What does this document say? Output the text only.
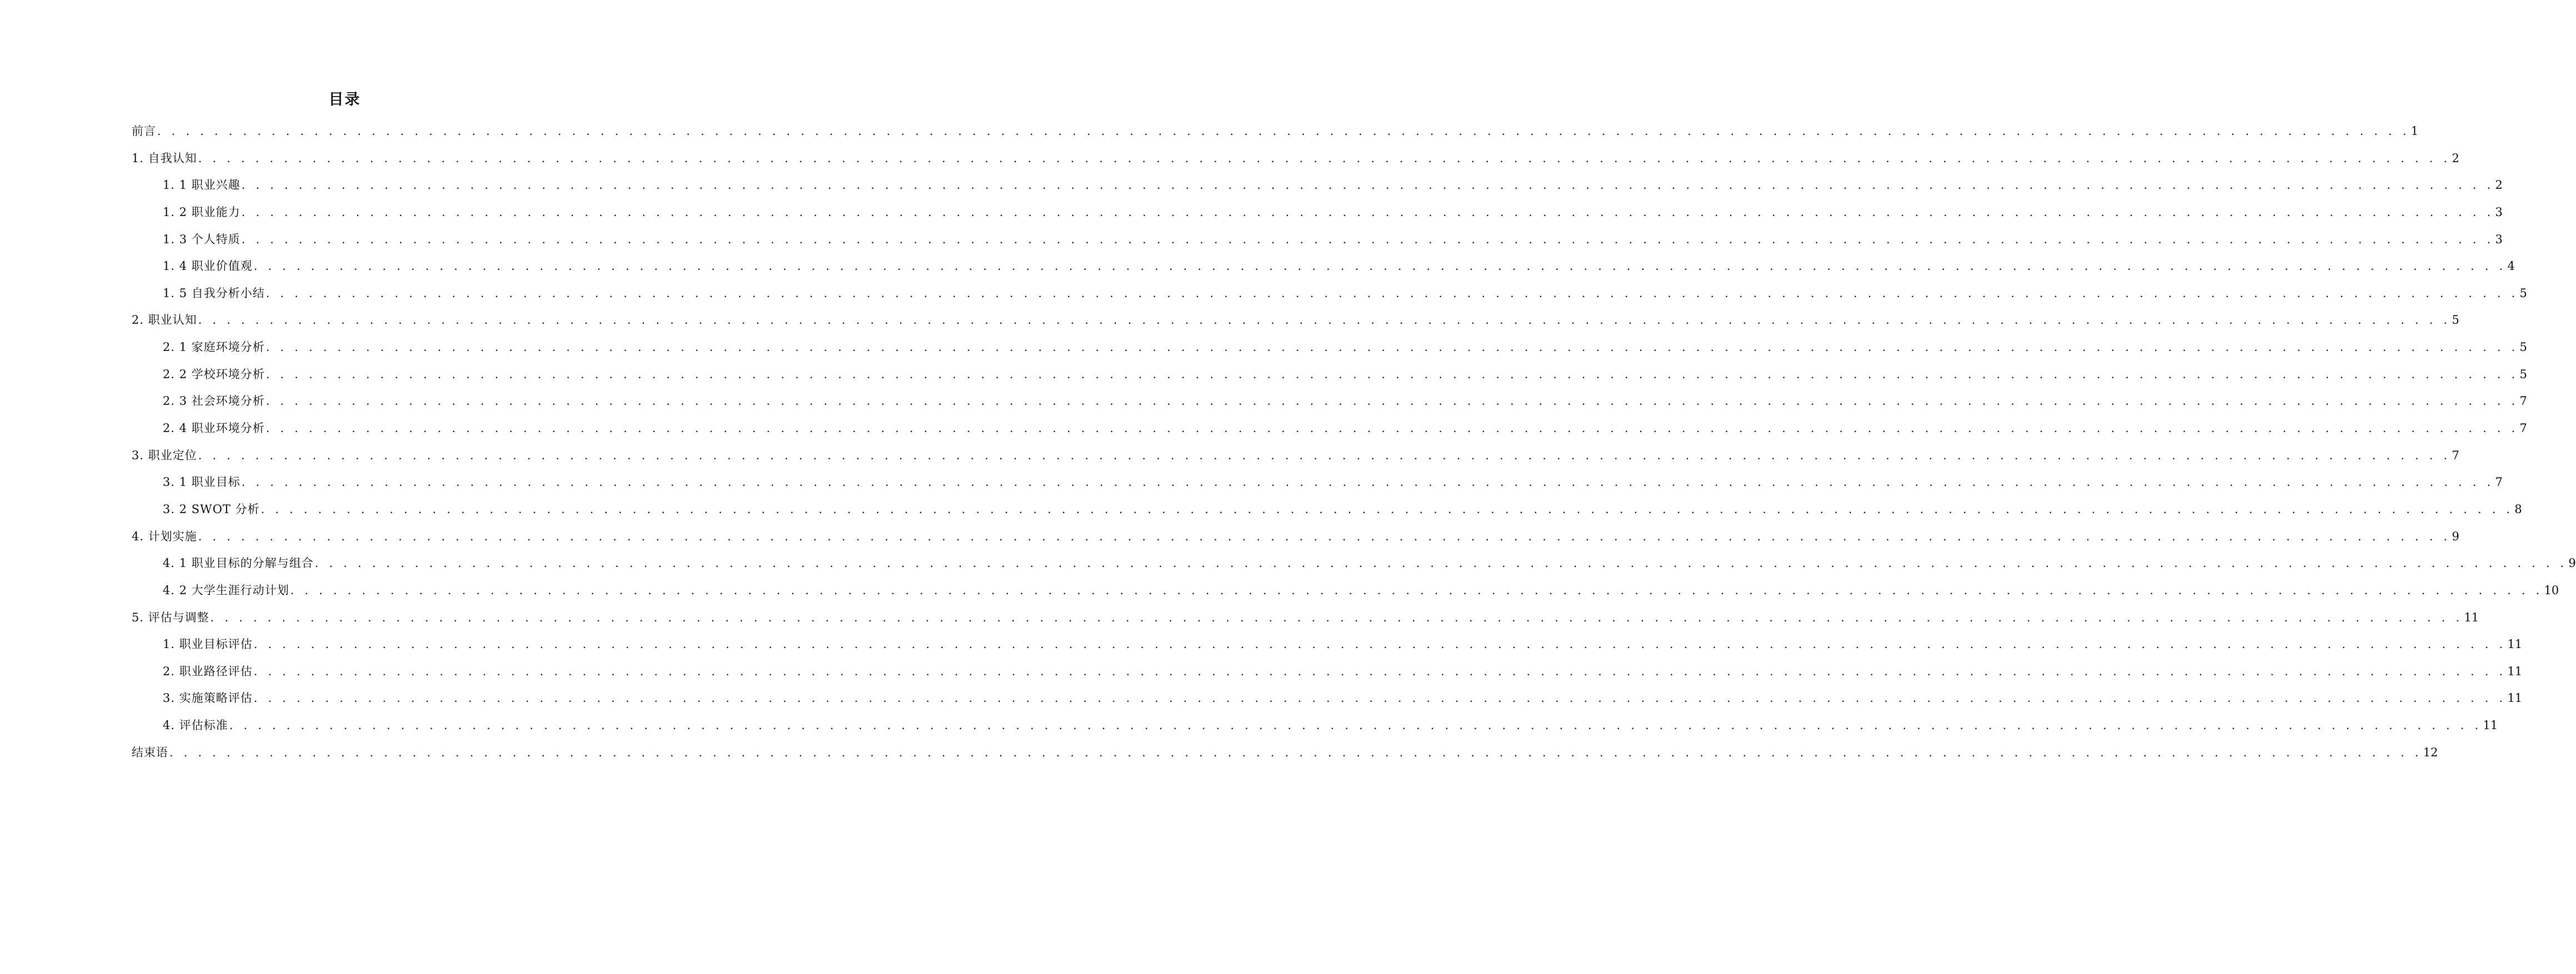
目录
前言 . . . . . . . . . . . . . . . . . . . . . . . . . . . . . . . . . . . . . . . . . . . . . . . . . . . . . . . . . . . . . . . . . . . . . . . . . . . . . . . . . . . . . . . . . . . . . . . . . . . . . . . . . . . . . . . . . . . . . . . . . . . . . . . . . . . . . . . . . . . . . . . . . . . . . . . . . . . . . . 1
1. 自我认知 . . . . . . . . . . . . . . . . . . . . . . . . . . . . . . . . . . . . . . . . . . . . . . . . . . . . . . . . . . . . . . . . . . . . . . . . . . . . . . . . . . . . . . . . . . . . . . . . . . . . . . . . . . . . . . . . . . . . . . . . . . . . . . . . . . . . . . . . . . . . . . . . . . . . . . . . . . . . . . 2
1. 1 职业兴趣 . . . . . . . . . . . . . . . . . . . . . . . . . . . . . . . . . . . . . . . . . . . . . . . . . . . . . . . . . . . . . . . . . . . . . . . . . . . . . . . . . . . . . . . . . . . . . . . . . . . . . . . . . . . . . . . . . . . . . . . . . . . . . . . . . . . . . . . . . . . . . . . . . . . . . . . . . . . . . . 2
1. 2 职业能力 . . . . . . . . . . . . . . . . . . . . . . . . . . . . . . . . . . . . . . . . . . . . . . . . . . . . . . . . . . . . . . . . . . . . . . . . . . . . . . . . . . . . . . . . . . . . . . . . . . . . . . . . . . . . . . . . . . . . . . . . . . . . . . . . . . . . . . . . . . . . . . . . . . . . . . . . . . . . . . 3
1. 3 个人特质 . . . . . . . . . . . . . . . . . . . . . . . . . . . . . . . . . . . . . . . . . . . . . . . . . . . . . . . . . . . . . . . . . . . . . . . . . . . . . . . . . . . . . . . . . . . . . . . . . . . . . . . . . . . . . . . . . . . . . . . . . . . . . . . . . . . . . . . . . . . . . . . . . . . . . . . . . . . . . . 3
1. 4 职业价值观 . . . . . . . . . . . . . . . . . . . . . . . . . . . . . . . . . . . . . . . . . . . . . . . . . . . . . . . . . . . . . . . . . . . . . . . . . . . . . . . . . . . . . . . . . . . . . . . . . . . . . . . . . . . . . . . . . . . . . . . . . . . . . . . . . . . . . . . . . . . . . . . . . . . . . . . . . . . . . . 4
1. 5 自我分析小结 . . . . . . . . . . . . . . . . . . . . . . . . . . . . . . . . . . . . . . . . . . . . . . . . . . . . . . . . . . . . . . . . . . . . . . . . . . . . . . . . . . . . . . . . . . . . . . . . . . . . . . . . . . . . . . . . . . . . . . . . . . . . . . . . . . . . . . . . . . . . . . . . . . . . . . . . . . . . . . 5
2. 职业认知 . . . . . . . . . . . . . . . . . . . . . . . . . . . . . . . . . . . . . . . . . . . . . . . . . . . . . . . . . . . . . . . . . . . . . . . . . . . . . . . . . . . . . . . . . . . . . . . . . . . . . . . . . . . . . . . . . . . . . . . . . . . . . . . . . . . . . . . . . . . . . . . . . . . . . . . . . . . . . . 5
2. 1 家庭环境分析 . . . . . . . . . . . . . . . . . . . . . . . . . . . . . . . . . . . . . . . . . . . . . . . . . . . . . . . . . . . . . . . . . . . . . . . . . . . . . . . . . . . . . . . . . . . . . . . . . . . . . . . . . . . . . . . . . . . . . . . . . . . . . . . . . . . . . . . . . . . . . . . . . . . . . . . . . . . . . . 5
2. 2 学校环境分析 . . . . . . . . . . . . . . . . . . . . . . . . . . . . . . . . . . . . . . . . . . . . . . . . . . . . . . . . . . . . . . . . . . . . . . . . . . . . . . . . . . . . . . . . . . . . . . . . . . . . . . . . . . . . . . . . . . . . . . . . . . . . . . . . . . . . . . . . . . . . . . . . . . . . . . . . . . . . . . 5
2. 3 社会环境分析 . . . . . . . . . . . . . . . . . . . . . . . . . . . . . . . . . . . . . . . . . . . . . . . . . . . . . . . . . . . . . . . . . . . . . . . . . . . . . . . . . . . . . . . . . . . . . . . . . . . . . . . . . . . . . . . . . . . . . . . . . . . . . . . . . . . . . . . . . . . . . . . . . . . . . . . . . . . . . . 7
2. 4 职业环境分析 . . . . . . . . . . . . . . . . . . . . . . . . . . . . . . . . . . . . . . . . . . . . . . . . . . . . . . . . . . . . . . . . . . . . . . . . . . . . . . . . . . . . . . . . . . . . . . . . . . . . . . . . . . . . . . . . . . . . . . . . . . . . . . . . . . . . . . . . . . . . . . . . . . . . . . . . . . . . . . 7
3. 职业定位 . . . . . . . . . . . . . . . . . . . . . . . . . . . . . . . . . . . . . . . . . . . . . . . . . . . . . . . . . . . . . . . . . . . . . . . . . . . . . . . . . . . . . . . . . . . . . . . . . . . . . . . . . . . . . . . . . . . . . . . . . . . . . . . . . . . . . . . . . . . . . . . . . . . . . . . . . . . . . . 7
3. 1 职业目标 . . . . . . . . . . . . . . . . . . . . . . . . . . . . . . . . . . . . . . . . . . . . . . . . . . . . . . . . . . . . . . . . . . . . . . . . . . . . . . . . . . . . . . . . . . . . . . . . . . . . . . . . . . . . . . . . . . . . . . . . . . . . . . . . . . . . . . . . . . . . . . . . . . . . . . . . . . . . . . 7
3. 2 SWOT 分析 . . . . . . . . . . . . . . . . . . . . . . . . . . . . . . . . . . . . . . . . . . . . . . . . . . . . . . . . . . . . . . . . . . . . . . . . . . . . . . . . . . . . . . . . . . . . . . . . . . . . . . . . . . . . . . . . . . . . . . . . . . . . . . . . . . . . . . . . . . . . . . . . . . . . . . . . . . . . . . 8
4. 计划实施 . . . . . . . . . . . . . . . . . . . . . . . . . . . . . . . . . . . . . . . . . . . . . . . . . . . . . . . . . . . . . . . . . . . . . . . . . . . . . . . . . . . . . . . . . . . . . . . . . . . . . . . . . . . . . . . . . . . . . . . . . . . . . . . . . . . . . . . . . . . . . . . . . . . . . . . . . . . . . . 9
4. 1 职业目标的分解与组合 . . . . . . . . . . . . . . . . . . . . . . . . . . . . . . . . . . . . . . . . . . . . . . . . . . . . . . . . . . . . . . . . . . . . . . . . . . . . . . . . . . . . . . . . . . . . . . . . . . . . . . . . . . . . . . . . . . . . . . . . . . . . . . . . . . . . . . . . . . . . . . . . . . . . . . . . . . . . . . 9
4. 2 大学生涯行动计划 . . . . . . . . . . . . . . . . . . . . . . . . . . . . . . . . . . . . . . . . . . . . . . . . . . . . . . . . . . . . . . . . . . . . . . . . . . . . . . . . . . . . . . . . . . . . . . . . . . . . . . . . . . . . . . . . . . . . . . . . . . . . . . . . . . . . . . . . . . . . . . . . . . . . . . . . . . . . . . 10
5. 评估与调整 . . . . . . . . . . . . . . . . . . . . . . . . . . . . . . . . . . . . . . . . . . . . . . . . . . . . . . . . . . . . . . . . . . . . . . . . . . . . . . . . . . . . . . . . . . . . . . . . . . . . . . . . . . . . . . . . . . . . . . . . . . . . . . . . . . . . . . . . . . . . . . . . . . . . . . . . . . . . . . 11
1. 职业目标评估 . . . . . . . . . . . . . . . . . . . . . . . . . . . . . . . . . . . . . . . . . . . . . . . . . . . . . . . . . . . . . . . . . . . . . . . . . . . . . . . . . . . . . . . . . . . . . . . . . . . . . . . . . . . . . . . . . . . . . . . . . . . . . . . . . . . . . . . . . . . . . . . . . . . . . . . . . . . . . . 11
2. 职业路径评估 . . . . . . . . . . . . . . . . . . . . . . . . . . . . . . . . . . . . . . . . . . . . . . . . . . . . . . . . . . . . . . . . . . . . . . . . . . . . . . . . . . . . . . . . . . . . . . . . . . . . . . . . . . . . . . . . . . . . . . . . . . . . . . . . . . . . . . . . . . . . . . . . . . . . . . . . . . . . . . 11
3. 实施策略评估 . . . . . . . . . . . . . . . . . . . . . . . . . . . . . . . . . . . . . . . . . . . . . . . . . . . . . . . . . . . . . . . . . . . . . . . . . . . . . . . . . . . . . . . . . . . . . . . . . . . . . . . . . . . . . . . . . . . . . . . . . . . . . . . . . . . . . . . . . . . . . . . . . . . . . . . . . . . . . . 11
4. 评估标准 . . . . . . . . . . . . . . . . . . . . . . . . . . . . . . . . . . . . . . . . . . . . . . . . . . . . . . . . . . . . . . . . . . . . . . . . . . . . . . . . . . . . . . . . . . . . . . . . . . . . . . . . . . . . . . . . . . . . . . . . . . . . . . . . . . . . . . . . . . . . . . . . . . . . . . . . . . . . . . 11
结束语 . . . . . . . . . . . . . . . . . . . . . . . . . . . . . . . . . . . . . . . . . . . . . . . . . . . . . . . . . . . . . . . . . . . . . . . . . . . . . . . . . . . . . . . . . . . . . . . . . . . . . . . . . . . . . . . . . . . . . . . . . . . . . . . . . . . . . . . . . . . . . . . . . . . . . . . . . . . . . . 12
